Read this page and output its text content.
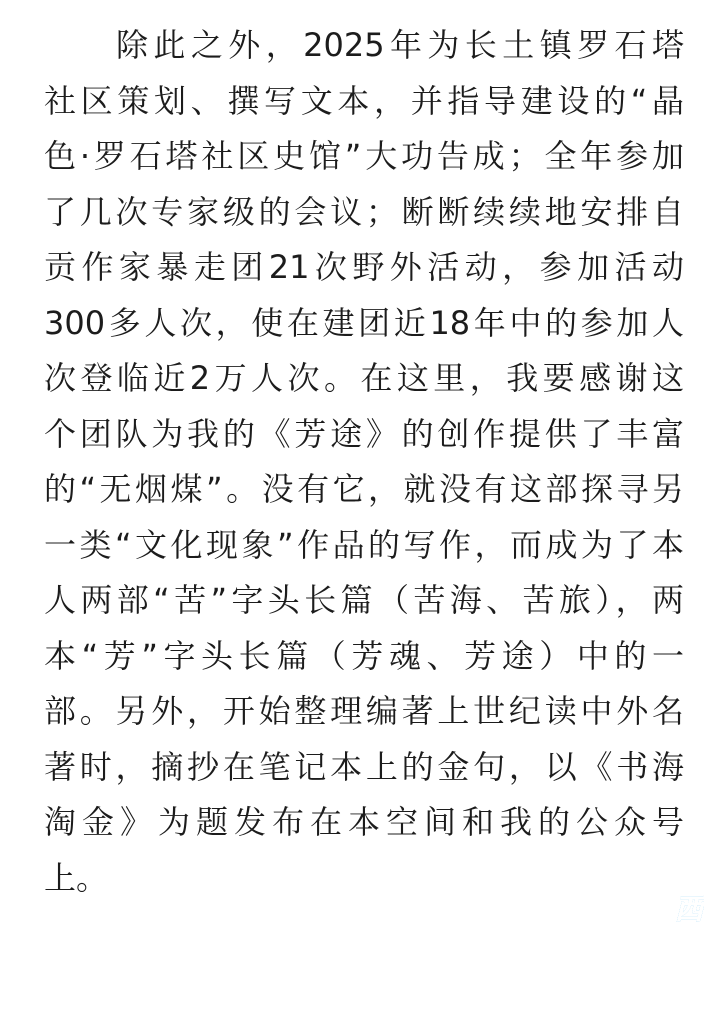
除此之外，2025年为长土镇罗石塔
社区策划、撰写文本，并指导建设的“晶
色·罗石塔社区史馆”大功告成；全年参加
了几次专家级的会议；断断续续地安排自
贡作家暴走团21次野外活动，参加活动
300多人次，使在建团近18年中的参加人
次登临近2万人次。在这里，我要感谢这
个团队为我的《芳途》的创作提供了丰富
的“无烟煤”。没有它，就没有这部探寻另
一类“文化现象”作品的写作，而成为了本
人两部“苦”字头长篇（苦海、苦旅），两
本“芳”字头长篇（芳魂、芳途）中的一
部。另外，开始整理编著上世纪读中外名
著时，摘抄在笔记本上的金句，以《书海
淘金》为题发布在本空间和我的公众号
上。
西泰会馆
